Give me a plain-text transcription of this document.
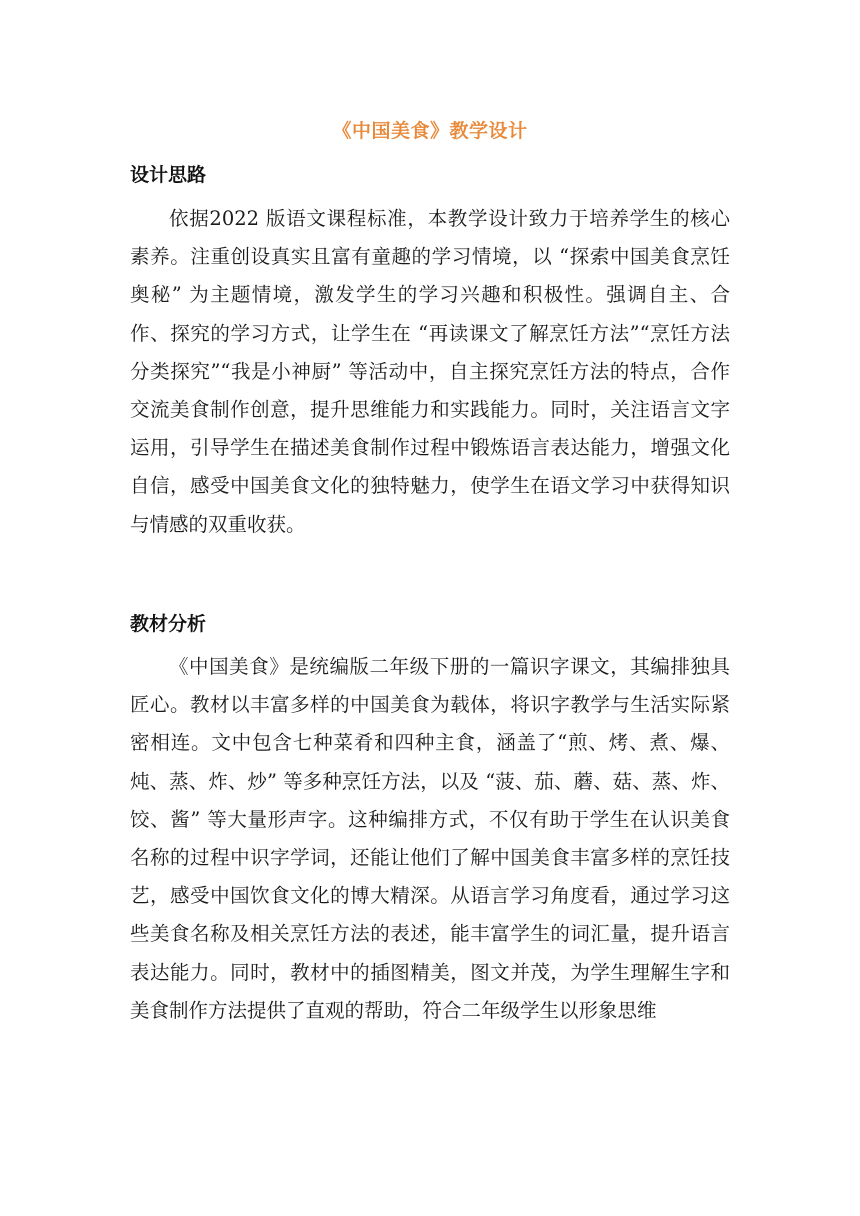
《中国美食》教学设计
设计思路

依据2022 版语文课程标准，本教学设计致力于培养学生的核心素养。注重创设真实且富有童趣的学习情境，以 “探索中国美食烹饪奥秘” 为主题情境，激发学生的学习兴趣和积极性。强调自主、合作、探究的学习方式，让学生在 “再读课文了解烹饪方法”“烹饪方法分类探究”“我是小神厨” 等活动中，自主探究烹饪方法的特点，合作交流美食制作创意，提升思维能力和实践能力。同时，关注语言文字运用，引导学生在描述美食制作过程中锻炼语言表达能力，增强文化自信，感受中国美食文化的独特魅力，使学生在语文学习中获得知识与情感的双重收获。

教材分析

《中国美食》是统编版二年级下册的一篇识字课文，其编排独具匠心。教材以丰富多样的中国美食为载体，将识字教学与生活实际紧密相连。文中包含七种菜肴和四种主食，涵盖了“煎、烤、煮、爆、炖、蒸、炸、炒” 等多种烹饪方法，以及 “菠、茄、蘑、菇、蒸、炸、饺、酱” 等大量形声字。这种编排方式，不仅有助于学生在认识美食名称的过程中识字学词，还能让他们了解中国美食丰富多样的烹饪技艺，感受中国饮食文化的博大精深。从语言学习角度看，通过学习这些美食名称及相关烹饪方法的表述，能丰富学生的词汇量，提升语言表达能力。同时，教材中的插图精美，图文并茂，为学生理解生字和美食制作方法提供了直观的帮助，符合二年级学生以形象思维
